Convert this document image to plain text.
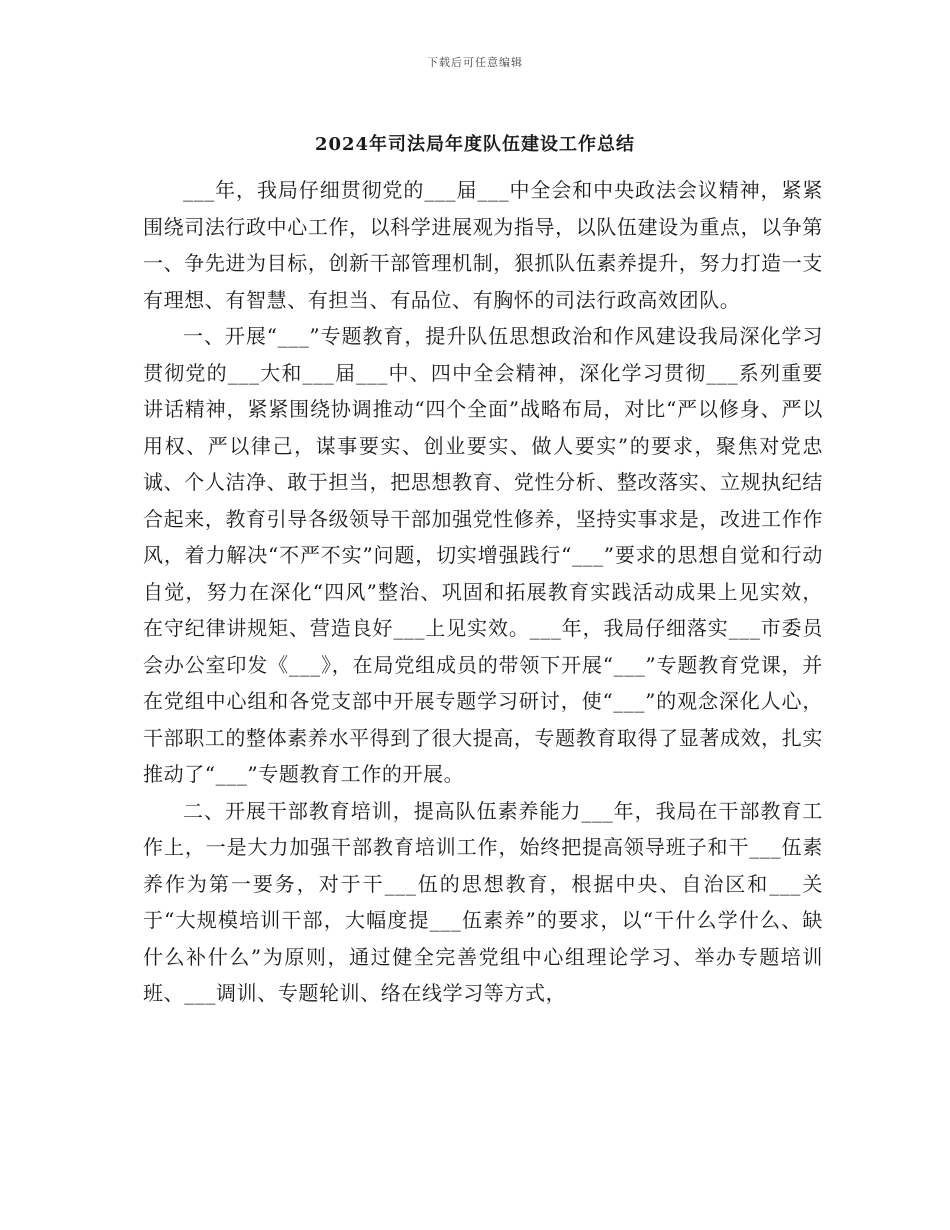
下载后可任意编辑
2024年司法局年度队伍建设工作总结

___年，我局仔细贯彻党的___届___中全会和中央政法会议精神，紧紧围绕司法行政中心工作，以科学进展观为指导，以队伍建设为重点，以争第一、争先进为目标，创新干部管理机制，狠抓队伍素养提升，努力打造一支有理想、有智慧、有担当、有品位、有胸怀的司法行政高效团队。

一、开展“___”专题教育，提升队伍思想政治和作风建设我局深化学习贯彻党的___大和___届___中、四中全会精神，深化学习贯彻___系列重要讲话精神，紧紧围绕协调推动“四个全面”战略布局，对比“严以修身、严以用权、严以律己，谋事要实、创业要实、做人要实”的要求，聚焦对党忠诚、个人洁净、敢于担当，把思想教育、党性分析、整改落实、立规执纪结合起来，教育引导各级领导干部加强党性修养，坚持实事求是，改进工作作风，着力解决“不严不实”问题，切实增强践行“___”要求的思想自觉和行动自觉，努力在深化“四风”整治、巩固和拓展教育实践活动成果上见实效，在守纪律讲规矩、营造良好___上见实效。___年，我局仔细落实___市委员会办公室印发《___》，在局党组成员的带领下开展“___”专题教育党课，并在党组中心组和各党支部中开展专题学习研讨，使“___”的观念深化人心，干部职工的整体素养水平得到了很大提高，专题教育取得了显著成效，扎实推动了“___”专题教育工作的开展。

二、开展干部教育培训，提高队伍素养能力___年，我局在干部教育工作上，一是大力加强干部教育培训工作，始终把提高领导班子和干___伍素养作为第一要务，对于干___伍的思想教育，根据中央、自治区和___关于“大规模培训干部，大幅度提___伍素养”的要求，以“干什么学什么、缺什么补什么”为原则，通过健全完善党组中心组理论学习、举办专题培训班、___调训、专题轮训、络在线学习等方式，
